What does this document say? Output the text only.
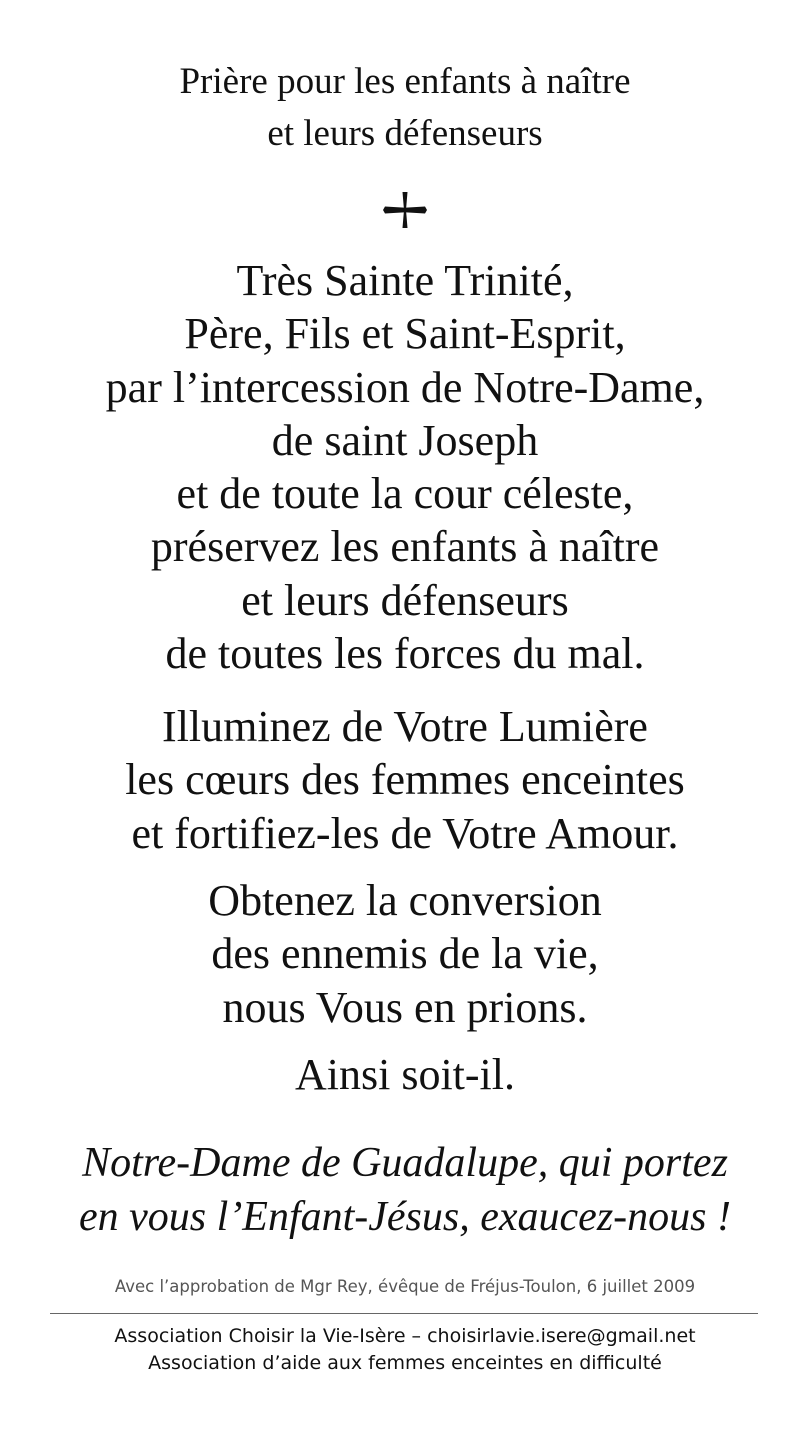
Prière pour les enfants à naître
et leurs défenseurs
Très Sainte Trinité,
Père, Fils et Saint-Esprit,
par l’intercession de Notre-Dame,
de saint Joseph
et de toute la cour céleste,
préservez les enfants à naître
et leurs défenseurs
de toutes les forces du mal.
Illuminez de Votre Lumière
les cœurs des femmes enceintes
et fortifiez-les de Votre Amour.
Obtenez la conversion
des ennemis de la vie,
nous Vous en prions.
Ainsi soit-il.
Notre-Dame de Guadalupe, qui portez
en vous l’Enfant-Jésus, exaucez-nous !
Avec l’approbation de Mgr Rey, évêque de Fréjus-Toulon, 6 juillet 2009
Association Choisir la Vie-Isère – choisirlavie.isere@gmail.net
Association d’aide aux femmes enceintes en difficulté
